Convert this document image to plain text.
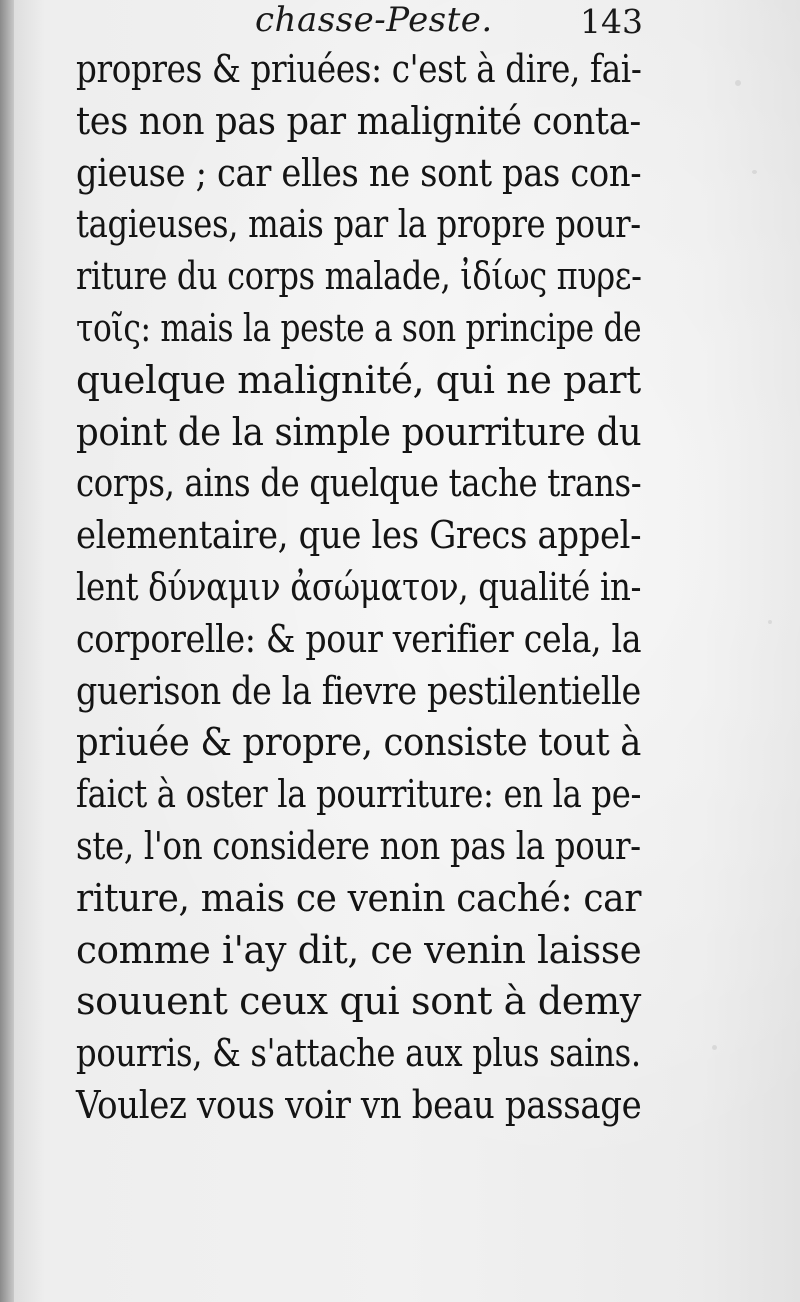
chasse-Peste.	143
propres & priuées: c'est à dire, fai-
tes non pas par malignité conta-
gieuse ; car elles ne sont pas con-
tagieuses, mais par la propre pour-
riture du corps malade, ἰδίως πυρε-
τοῖς: mais la peste a son principe de
quelque malignité, qui ne part
point de la simple pourriture du
corps, ains de quelque tache trans-
elementaire, que les Grecs appel-
lent δύναμιν ἀσώματον, qualité in-
corporelle: & pour verifier cela, la
guerison de la fievre pestilentielle
priuée & propre, consiste tout à
faict à oster la pourriture: en la pe-
ste, l'on considere non pas la pour-
riture, mais ce venin caché: car
comme i'ay dit, ce venin laisse
souuent ceux qui sont à demy
pourris, & s'attache aux plus sains.
Voulez vous voir vn beau passage
